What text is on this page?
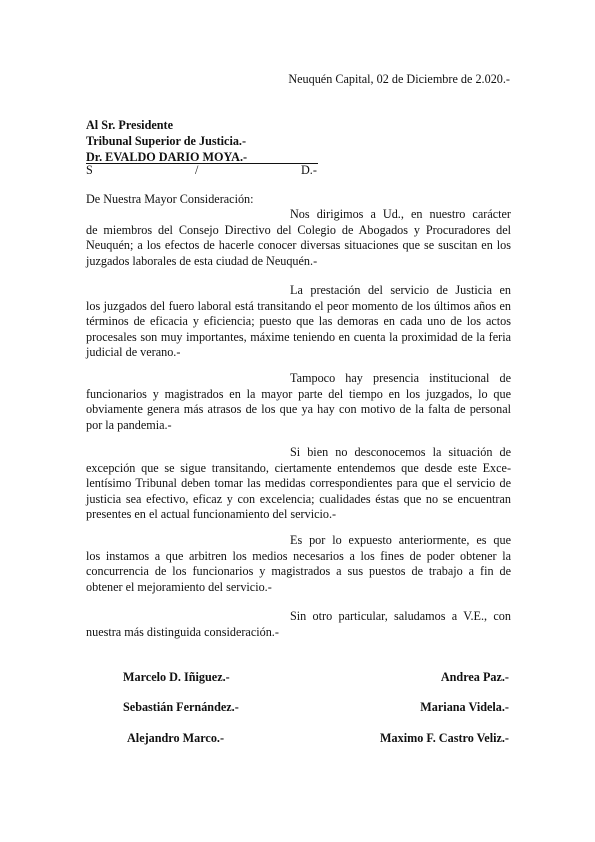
Neuquén Capital, 02 de Diciembre de 2.020.-
Al Sr. Presidente
Tribunal Superior de Justicia.-
Dr. EVALDO DARIO MOYA.-
S	/	D.-
De Nuestra Mayor Consideración:
Nos dirigimos a Ud., en nuestro carácter
de miembros del Consejo Directivo del Colegio de Abogados y Procuradores del Neuquén; a los efectos de hacerle conocer diversas situaciones que se suscitan en los juzgados laborales de esta ciudad de Neuquén.-
La prestación del servicio de Justicia en
los juzgados del fuero laboral está transitando el peor momento de los últimos años en términos de eficacia y eficiencia; puesto que las demoras en cada uno de los actos procesales son muy importantes, máxime teniendo en cuenta la proximidad de la feria judicial de verano.-
Tampoco hay presencia institucional de
funcionarios y magistrados en la mayor parte del tiempo en los juzgados, lo que obviamente genera más atrasos de los que ya hay con motivo de la falta de personal por la pandemia.-
Si bien no desconocemos la situación de
excepción que se sigue transitando, ciertamente entendemos que desde este Excelentísimo Tribunal deben tomar las medidas correspondientes para que el servicio de justicia sea efectivo, eficaz y con excelencia; cualidades éstas que no se encuentran presentes en el actual funcionamiento del servicio.-
Es por lo expuesto anteriormente, es que
los instamos a que arbitren los medios necesarios a los fines de poder obtener la concurrencia de los funcionarios y magistrados a sus puestos de trabajo a fin de obtener el mejoramiento del servicio.-
Sin otro particular, saludamos a V.E., con
nuestra más distinguida consideración.-
Marcelo D. Iñiguez.-
Sebastián Fernández.-
Alejandro Marco.-
Andrea Paz.-
Mariana Videla.-
Maximo F. Castro Veliz.-
